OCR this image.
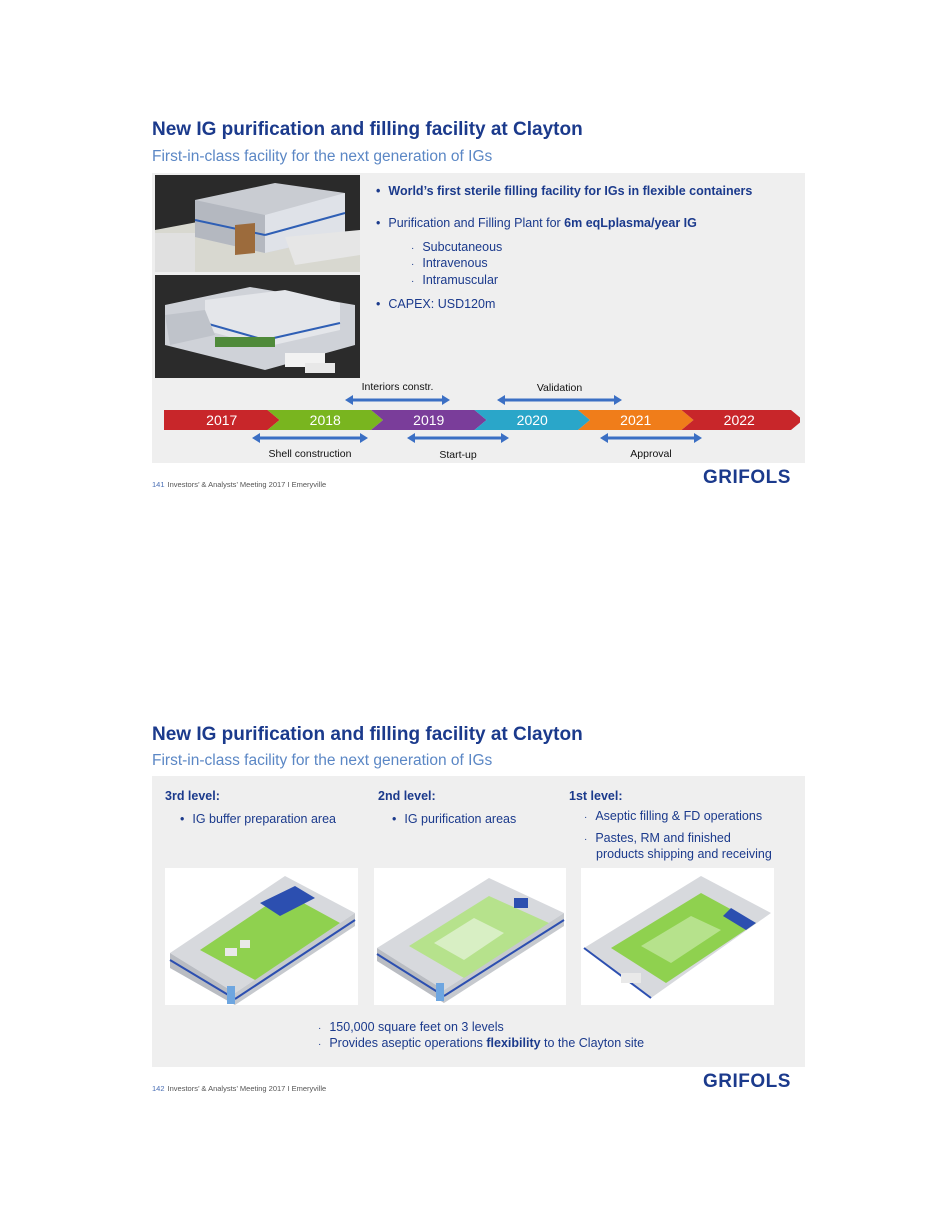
New IG purification and filling facility at Clayton
First-in-class facility for the next generation of IGs
• World’s first sterile filling facility for IGs in flexible containers
• Purification and Filling Plant for 6m eqLplasma/year IG
· Subcutaneous
· Intravenous
· Intramuscular
• CAPEX: USD120m
2017	2018	2019	2020	2021	2022
Interiors constr.	Validation
Shell construction	Start-up	Approval
141 Investors’ & Analysts’ Meeting 2017 I Emeryville	GRIFOLS
New IG purification and filling facility at Clayton
First-in-class facility for the next generation of IGs
3rd level:
• IG buffer preparation area
2nd level:
• IG purification areas
1st level:
· Aseptic filling & FD operations
· Pastes, RM and finished
products shipping and receiving
· 150,000 square feet on 3 levels
· Provides aseptic operations flexibility to the Clayton site
142 Investors’ & Analysts’ Meeting 2017 I Emeryville	GRIFOLS
